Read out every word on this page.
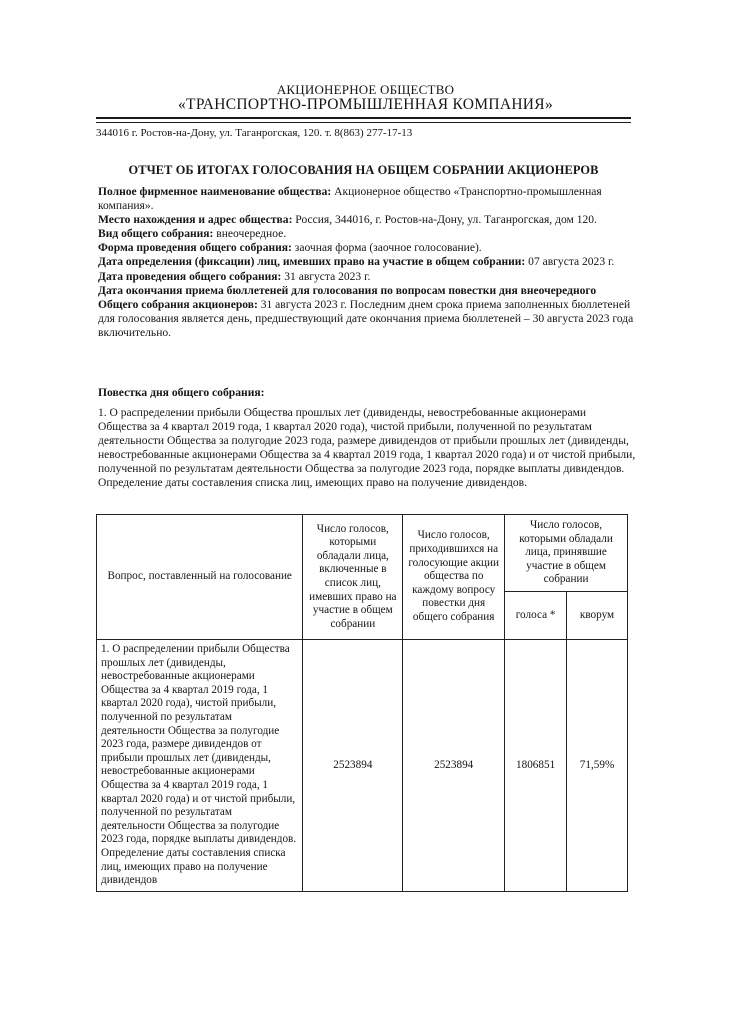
АКЦИОНЕРНОЕ ОБЩЕСТВО
«ТРАНСПОРТНО-ПРОМЫШЛЕННАЯ КОМПАНИЯ»
344016 г. Ростов-на-Дону, ул. Таганрогская, 120. т. 8(863) 277-17-13
ОТЧЕТ ОБ ИТОГАХ ГОЛОСОВАНИЯ НА ОБЩЕМ СОБРАНИИ АКЦИОНЕРОВ

Полное фирменное наименование общества: Акционерное общество «Транспортно-промышленная компания».

Место нахождения и адрес общества: Россия, 344016, г. Ростов-на-Дону, ул. Таганрогская, дом 120.

Вид общего собрания: внеочередное.

Форма проведения общего собрания: заочная форма (заочное голосование).

Дата определения (фиксации) лиц, имевших право на участие в общем собрании: 07 августа 2023 г.

Дата проведения общего собрания: 31 августа 2023 г.

Дата окончания приема бюллетеней для голосования по вопросам повестки дня внеочередного Общего собрания акционеров: 31 августа 2023 г. Последним днем срока приема заполненных бюллетеней для голосования является день, предшествующий дате окончания приема бюллетеней – 30 августа 2023 года включительно.

Повестка дня общего собрания:

1. О распределении прибыли Общества прошлых лет (дивиденды, невостребованные акционерами Общества за 4 квартал 2019 года, 1 квартал 2020 года), чистой прибыли, полученной по результатам деятельности Общества за полугодие 2023 года, размере дивидендов от прибыли прошлых лет (дивиденды, невостребованные акционерами Общества за 4 квартал 2019 года, 1 квартал 2020 года) и от чистой прибыли, полученной по результатам деятельности Общества за полугодие 2023 года, порядке выплаты дивидендов. Определение даты составления списка лиц, имеющих право на получение дивидендов.

Вопрос, поставленный на голосование	Число голосов, которыми обладали лица, включенные в список лиц, имевших право на участие в общем собрании	Число голосов, приходившихся на голосующие акции общества по каждому вопросу повестки дня общего собрания	Число голосов, которыми обладали лица, принявшие участие в общем собрании	
			голоса *	кворум
1. О распределении прибыли Общества прошлых лет (дивиденды, невостребованные акционерами Общества за 4 квартал 2019 года, 1 квартал 2020 года), чистой прибыли, полученной по результатам деятельности Общества за полугодие 2023 года, размере дивидендов от прибыли прошлых лет (дивиденды, невостребованные акционерами Общества за 4 квартал 2019 года, 1 квартал 2020 года) и от чистой прибыли, полученной по результатам деятельности Общества за полугодие 2023 года, порядке выплаты дивидендов. Определение даты составления списка лиц, имеющих право на получение дивидендов	2523894	2523894	1806851	71,59%
